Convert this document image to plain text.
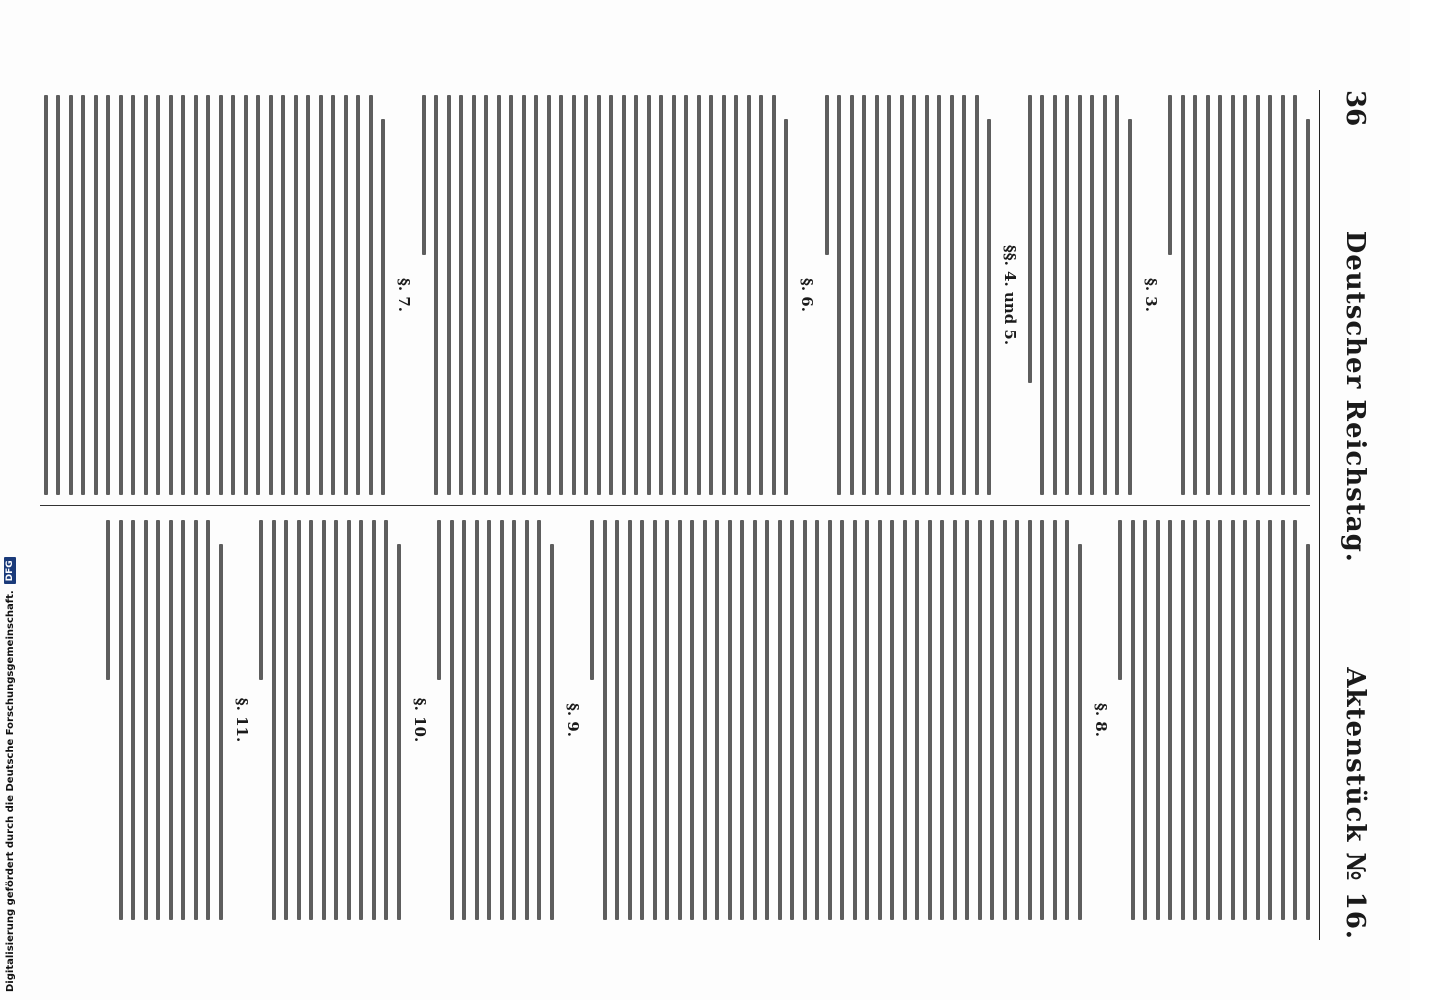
36
Deutscher Reichstag.
Aktenstück № 16.
§. 3.
§§. 4. und 5.
§. 6.
§. 7.
§. 8.
§. 9.
§. 10.
§. 11.
Digitalisierung gefördert durch die Deutsche Forschungsgemeinschaft.
DFG
